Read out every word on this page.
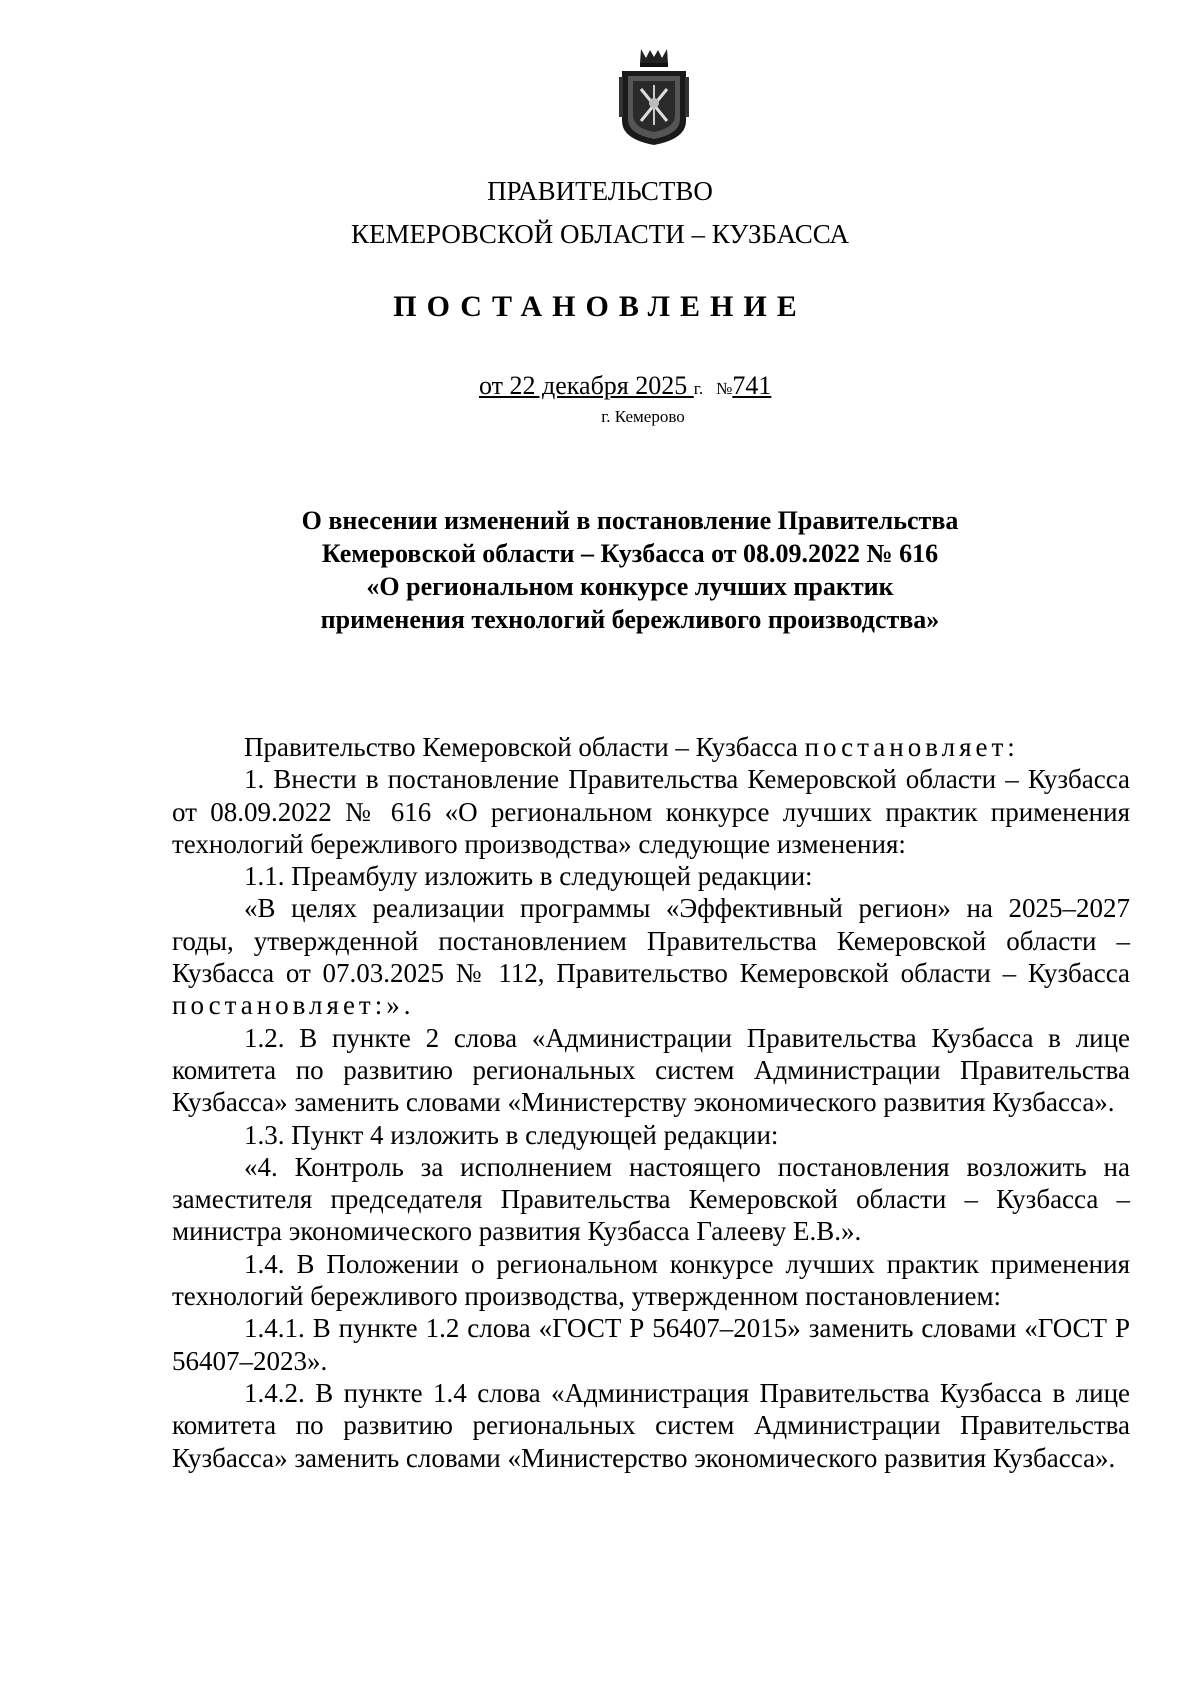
ПРАВИТЕЛЬСТВО
КЕМЕРОВСКОЙ ОБЛАСТИ – КУЗБАССА
ПОСТАНОВЛЕНИЕ
от 22 декабря 2025 г. №741
г. Кемерово
О внесении изменений в постановление Правительства
Кемеровской области – Кузбасса от 08.09.2022 № 616
«О региональном конкурсе лучших практик
применения технологий бережливого производства»

Правительство Кемеровской области – Кузбасса постановляет:

1. Внести в постановление Правительства Кемеровской области – Кузбасса от 08.09.2022 № 616 «О региональном конкурсе лучших практик применения технологий бережливого производства» следующие изменения:

1.1. Преамбулу изложить в следующей редакции:

«В целях реализации программы «Эффективный регион» на 2025–2027 годы, утвержденной постановлением Правительства Кемеровской области – Кузбасса от 07.03.2025 № 112, Правительство Кемеровской области – Кузбасса постановляет:».

1.2. В пункте 2 слова «Администрации Правительства Кузбасса в лице комитета по развитию региональных систем Администрации Правительства Кузбасса» заменить словами «Министерству экономического развития Кузбасса».

1.3. Пункт 4 изложить в следующей редакции:

«4. Контроль за исполнением настоящего постановления возложить на заместителя председателя Правительства Кемеровской области – Кузбасса – министра экономического развития Кузбасса Галееву Е.В.».

1.4. В Положении о региональном конкурсе лучших практик применения технологий бережливого производства, утвержденном постановлением:

1.4.1. В пункте 1.2 слова «ГОСТ Р 56407–2015» заменить словами «ГОСТ Р 56407–2023».

1.4.2. В пункте 1.4 слова «Администрация Правительства Кузбасса в лице комитета по развитию региональных систем Администрации Правительства Кузбасса» заменить словами «Министерство экономического развития Кузбасса».
